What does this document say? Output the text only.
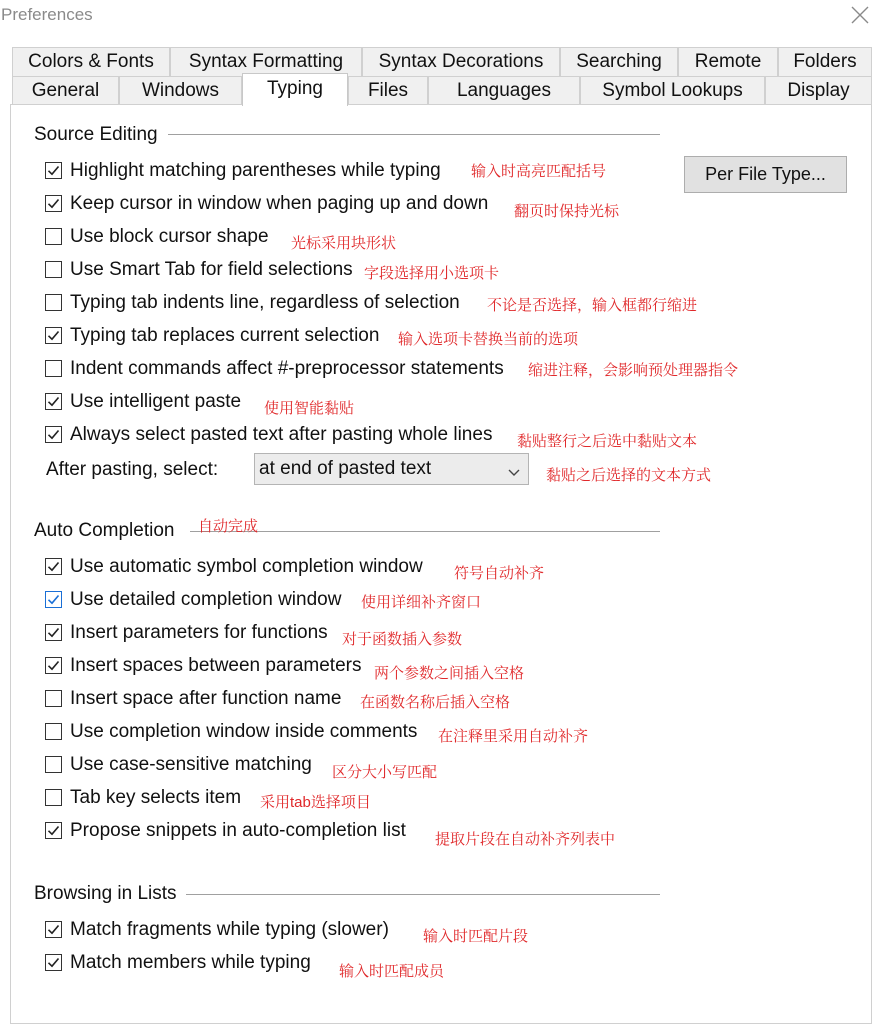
Preferences
Colors & Fonts	Syntax Formatting	Syntax Decorations	Searching	Remote	Folders
General	Windows	Typing	Files	Languages	Symbol Lookups	Display
Source Editing
Per File Type...
Highlight matching parentheses while typing 输入时高亮匹配括号
Keep cursor in window when paging up and down 翻页时保持光标
Use block cursor shape 光标采用块形状
Use Smart Tab for field selections 字段选择用小选项卡
Typing tab indents line, regardless of selection 不论是否选择，输入框都行缩进
Typing tab replaces current selection 输入选项卡替换当前的选项
Indent commands affect #-preprocessor statements 缩进注释，会影响预处理器指令
Use intelligent paste 使用智能黏贴
Always select pasted text after pasting whole lines 黏贴整行之后选中黏贴文本
After pasting, select: at end of pasted text	黏贴之后选择的文本方式
Auto Completion	自动完成
Use automatic symbol completion window 符号自动补齐
Use detailed completion window 使用详细补齐窗口
Insert parameters for functions 对于函数插入参数
Insert spaces between parameters 两个参数之间插入空格
Insert space after function name 在函数名称后插入空格
Use completion window inside comments 在注释里采用自动补齐
Use case-sensitive matching 区分大小写匹配
Tab key selects item 采用tab选择项目
Propose snippets in auto-completion list 提取片段在自动补齐列表中
Browsing in Lists
Match fragments while typing (slower) 输入时匹配片段
Match members while typing 输入时匹配成员
